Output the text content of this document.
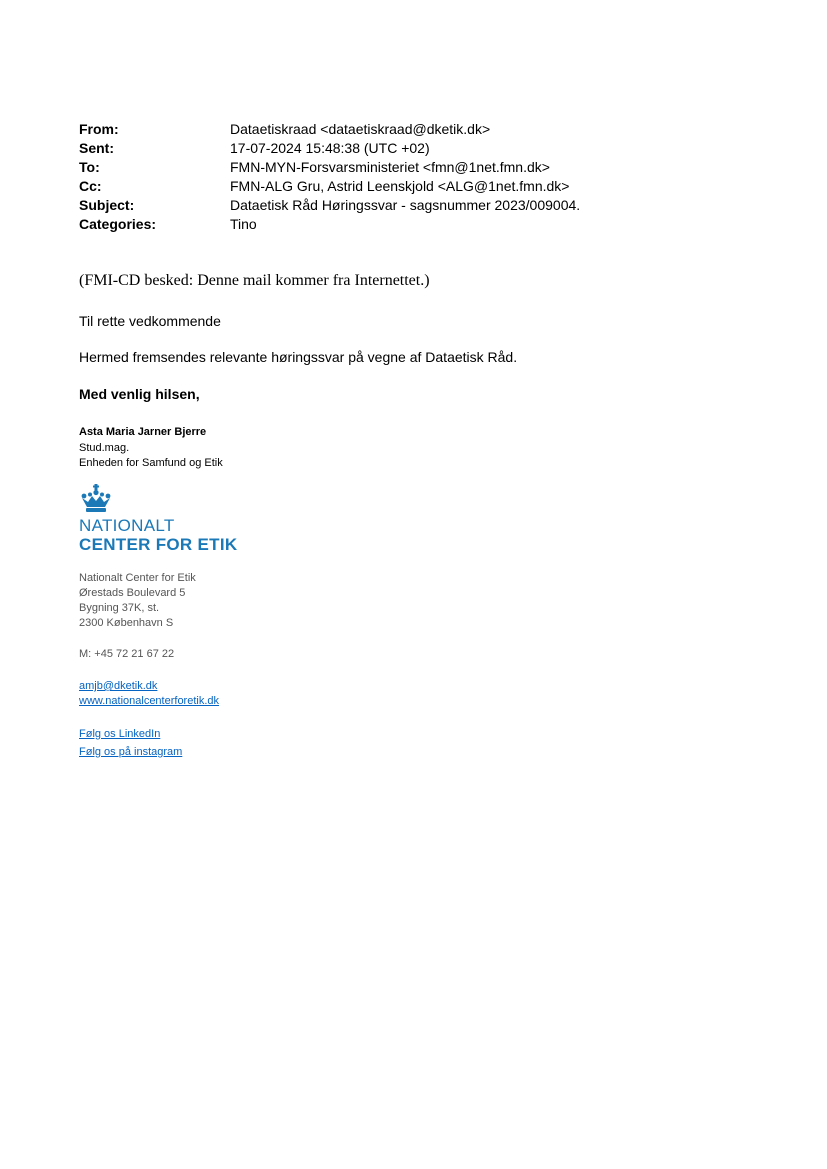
From:	Dataetiskraad <dataetiskraad@dketik.dk>
Sent:	17-07-2024 15:48:38 (UTC +02)
To:	FMN-MYN-Forsvarsministeriet <fmn@1net.fmn.dk>
Cc:	FMN-ALG Gru, Astrid Leenskjold <ALG@1net.fmn.dk>
Subject:	Dataetisk Råd Høringssvar - sagsnummer 2023/009004.
Categories:	Tino
(FMI-CD besked: Denne mail kommer fra Internettet.)
Til rette vedkommende
Hermed fremsendes relevante høringssvar på vegne af Dataetisk Råd.
Med venlig hilsen,
Asta Maria Jarner Bjerre
Stud.mag.
Enheden for Samfund og Etik
NATIONALT
CENTER FOR ETIK
Nationalt Center for Etik
Ørestads Boulevard 5
Bygning 37K, st.
2300 København S
M: +45 72 21 67 22
amjb@dketik.dk
www.nationalcenterforetik.dk
Følg os LinkedIn
Følg os på instagram
